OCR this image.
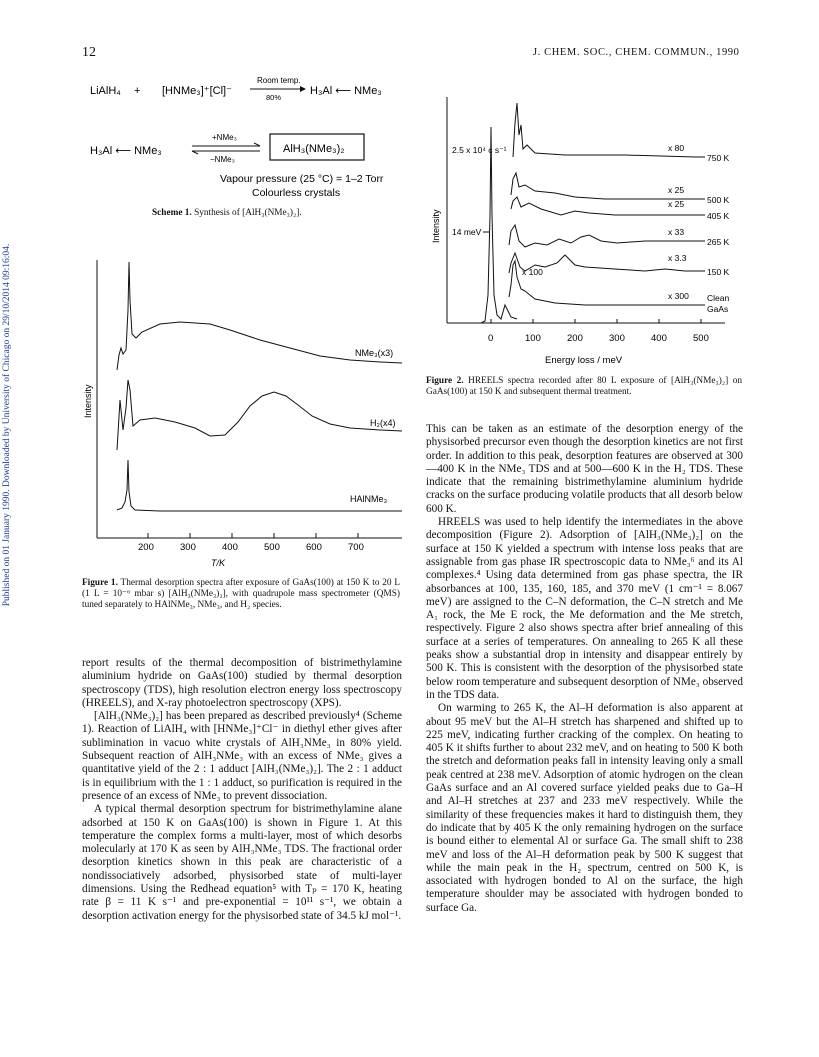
Published on 01 January 1990. Downloaded by University of Chicago on 29/10/2014 09:16:04.
12	J. CHEM. SOC., CHEM. COMMUN., 1990
LiAlH₄ + [HNMe₃]⁺[Cl]⁻
Room temp.
80%
H₃Al ⟵ NMe₃
H₃Al ⟵ NMe₃
+NMe₃
−NMe₃
AlH₃(NMe₃)₂
Vapour pressure (25 °C) = 1–2 Torr
Colourless crystals
Scheme 1. Synthesis of [AlH₃(NMe₃)₂].
Intensity
200	300	400	500	600	700
T/K
NMe₃(x3)
H₂(x4)
HAlNMe₃
Figure 1. Thermal desorption spectra after exposure of GaAs(100) at 150 K to 20 L (1 L = 10⁻⁶ mbar s) [AlH₃(NMe₃)₂], with quadrupole mass spectrometer (QMS) tuned separately to HAlNMe₃, NMe₃, and H₂ species.
Intensity
0	100	200	300	400	500
Energy loss / meV
2.5 x 10⁴ c s⁻¹
14 meV
x 80
750 K
x 25
500 K
x 25
405 K
x 33
265 K
x 3.3
150 K
x 300 Clean
GaAs
x 100
Figure 2. HREELS spectra recorded after 80 L exposure of [AlH₃(NMe₃)₂] on GaAs(100) at 150 K and subsequent thermal treatment.

report results of the thermal decomposition of bistrimethylamine aluminium hydride on GaAs(100) studied by thermal desorption spectroscopy (TDS), high resolution electron energy loss spectroscopy (HREELS), and X-ray photoelectron spectroscopy (XPS).

[AlH₃(NMe₃)₂] has been prepared as described previously⁴ (Scheme 1). Reaction of LiAlH₄ with [HNMe₃]⁺Cl⁻ in diethyl ether gives after sublimination in vacuo white crystals of AlH₃NMe₃ in 80% yield. Subsequent reaction of AlH₃NMe₃ with an excess of NMe₃ gives a quantitative yield of the 2 : 1 adduct [AlH₃(NMe₃)₂]. The 2 : 1 adduct is in equilibrium with the 1 : 1 adduct, so purification is required in the presence of an excess of NMe₃ to prevent dissociation.

A typical thermal desorption spectrum for bistrimethylamine alane adsorbed at 150 K on GaAs(100) is shown in Figure 1. At this temperature the complex forms a multi-layer, most of which desorbs molecularly at 170 K as seen by AlH₃NMe₃ TDS. The fractional order desorption kinetics shown in this peak are characteristic of a nondissociatively adsorbed, physisorbed state of multi-layer dimensions. Using the Redhead equation⁵ with Tₚ = 170 K, heating rate β = 11 K s⁻¹ and pre-exponential = 10¹¹ s⁻¹, we obtain a desorption activation energy for the physisorbed state of 34.5 kJ mol⁻¹.

This can be taken as an estimate of the desorption energy of the physisorbed precursor even though the desorption kinetics are not first order. In addition to this peak, desorption features are observed at 300—400 K in the NMe₃ TDS and at 500—600 K in the H₂ TDS. These indicate that the remaining bistrimethylamine aluminium hydride cracks on the surface producing volatile products that all desorb below 600 K.

HREELS was used to help identify the intermediates in the above decomposition (Figure 2). Adsorption of [AlH₃(NMe₃)₂] on the surface at 150 K yielded a spectrum with intense loss peaks that are assignable from gas phase IR spectroscopic data to NMe₃⁶ and its Al complexes.⁴ Using data determined from gas phase spectra, the IR absorbances at 100, 135, 160, 185, and 370 meV (1 cm⁻¹ = 8.067 meV) are assigned to the C–N deformation, the C–N stretch and Me A₁ rock, the Me E rock, the Me deformation and the Me stretch, respectively. Figure 2 also shows spectra after brief annealing of this surface at a series of temperatures. On annealing to 265 K all these peaks show a substantial drop in intensity and disappear entirely by 500 K. This is consistent with the desorption of the physisorbed state below room temperature and subsequent desorption of NMe₃ observed in the TDS data.

On warming to 265 K, the Al–H deformation is also apparent at about 95 meV but the Al–H stretch has sharpened and shifted up to 225 meV, indicating further cracking of the complex. On heating to 405 K it shifts further to about 232 meV, and on heating to 500 K both the stretch and deformation peaks fall in intensity leaving only a small peak centred at 238 meV. Adsorption of atomic hydrogen on the clean GaAs surface and an Al covered surface yielded peaks due to Ga–H and Al–H stretches at 237 and 233 meV respectively. While the similarity of these frequencies makes it hard to distinguish them, they do indicate that by 405 K the only remaining hydrogen on the surface is bound either to elemental Al or surface Ga. The small shift to 238 meV and loss of the Al–H deformation peak by 500 K suggest that while the main peak in the H₂ spectrum, centred on 500 K, is associated with hydrogen bonded to Al on the surface, the high temperature shoulder may be associated with hydrogen bonded to surface Ga.
